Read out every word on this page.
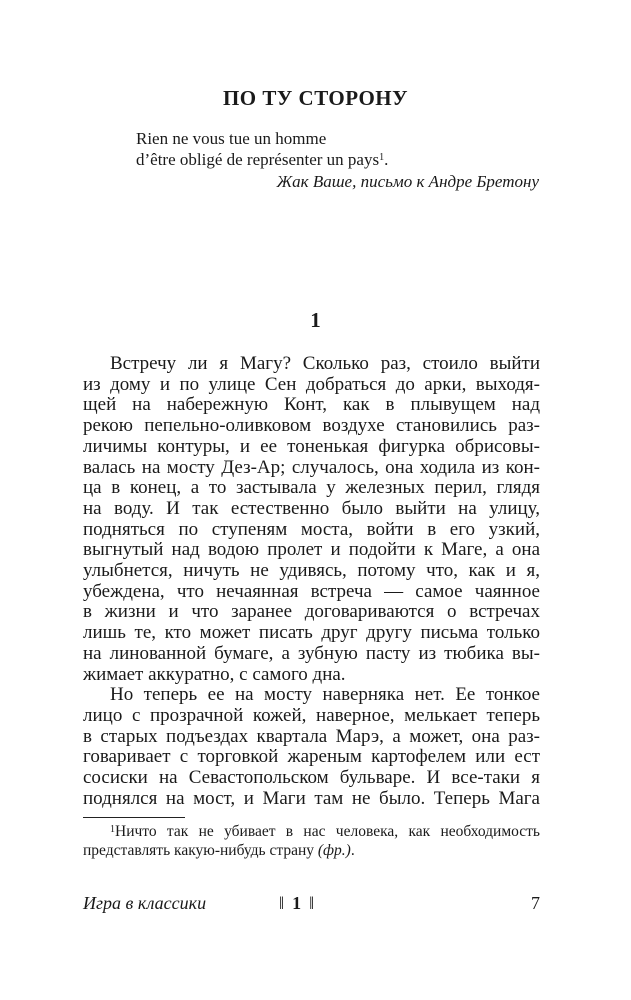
ПО ТУ СТОРОНУ
Rien ne vous tue un homme
d’être obligé de représenter un pays$^1$.
Жак Ваше, письмо к Андре Бретону
1
Встречу ли я Магу? Сколько раз, стоило выйти
из дому и по улице Сен добраться до арки, выходя-
щей на набережную Конт, как в плывущем над
рекою пепельно-оливковом воздухе становились раз-
личимы контуры, и ее тоненькая фигурка обрисовы-
валась на мосту Дез-Ар; случалось, она ходила из кон-
ца в конец, а то застывала у железных перил, глядя
на воду. И так естественно было выйти на улицу,
подняться по ступеням моста, войти в его узкий,
выгнутый над водою пролет и подойти к Маге, а она
улыбнется, ничуть не удивясь, потому что, как и я,
убеждена, что нечаянная встреча — самое чаянное
в жизни и что заранее договариваются о встречах
лишь те, кто может писать друг другу письма только
на линованной бумаге, а зубную пасту из тюбика вы-
жимает аккуратно, с самого дна.
Но теперь ее на мосту наверняка нет. Ее тонкое
лицо с прозрачной кожей, наверное, мелькает теперь
в старых подъездах квартала Марэ, а может, она раз-
говаривает с торговкой жареным картофелем или ест
сосиски на Севастопольском бульваре. И все-таки я
поднялся на мост, и Маги там не было. Теперь Мага
$^1$Ничто так не убивает в нас человека, как необходимость
представлять какую-нибудь страну (фр.).
Игра в классики	‖ 1 ‖	7
